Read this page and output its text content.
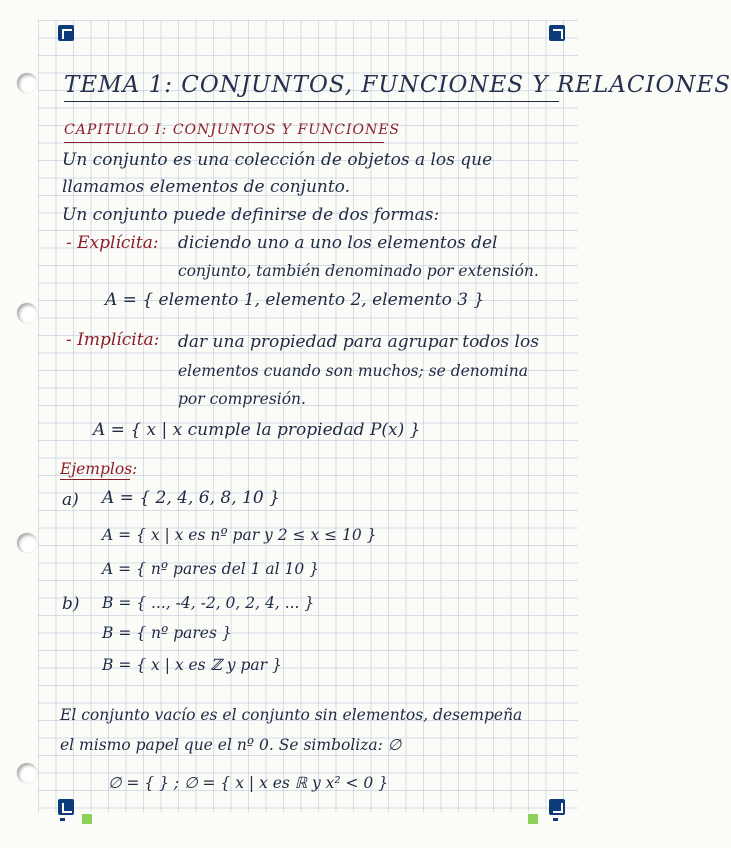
TEMA 1: CONJUNTOS, FUNCIONES Y RELACIONES
CAPITULO I: CONJUNTOS Y FUNCIONES
Un conjunto es una colección de objetos a los que
llamamos elementos de conjunto.
Un conjunto puede definirse de dos formas:
- Explícita: diciendo uno a uno los elementos del
conjunto, también denominado por extensión.
A = { elemento 1, elemento 2, elemento 3 }
- Implícita: dar una propiedad para agrupar todos los
elementos cuando son muchos; se denomina
por compresión.
A = { x | x cumple la propiedad P(x) }
Ejemplos:
a) A = { 2, 4, 6, 8, 10 }
A = { x | x es nº par y 2 ≤ x ≤ 10 }
A = { nº pares del 1 al 10 }
b) B = { ..., -4, -2, 0, 2, 4, ... }
B = { nº pares }
B = { x | x es ℤ y par }
El conjunto vacío es el conjunto sin elementos, desempeña
el mismo papel que el nº 0. Se simboliza: ∅
∅ = { } ; ∅ = { x | x es ℝ y x² < 0 }
